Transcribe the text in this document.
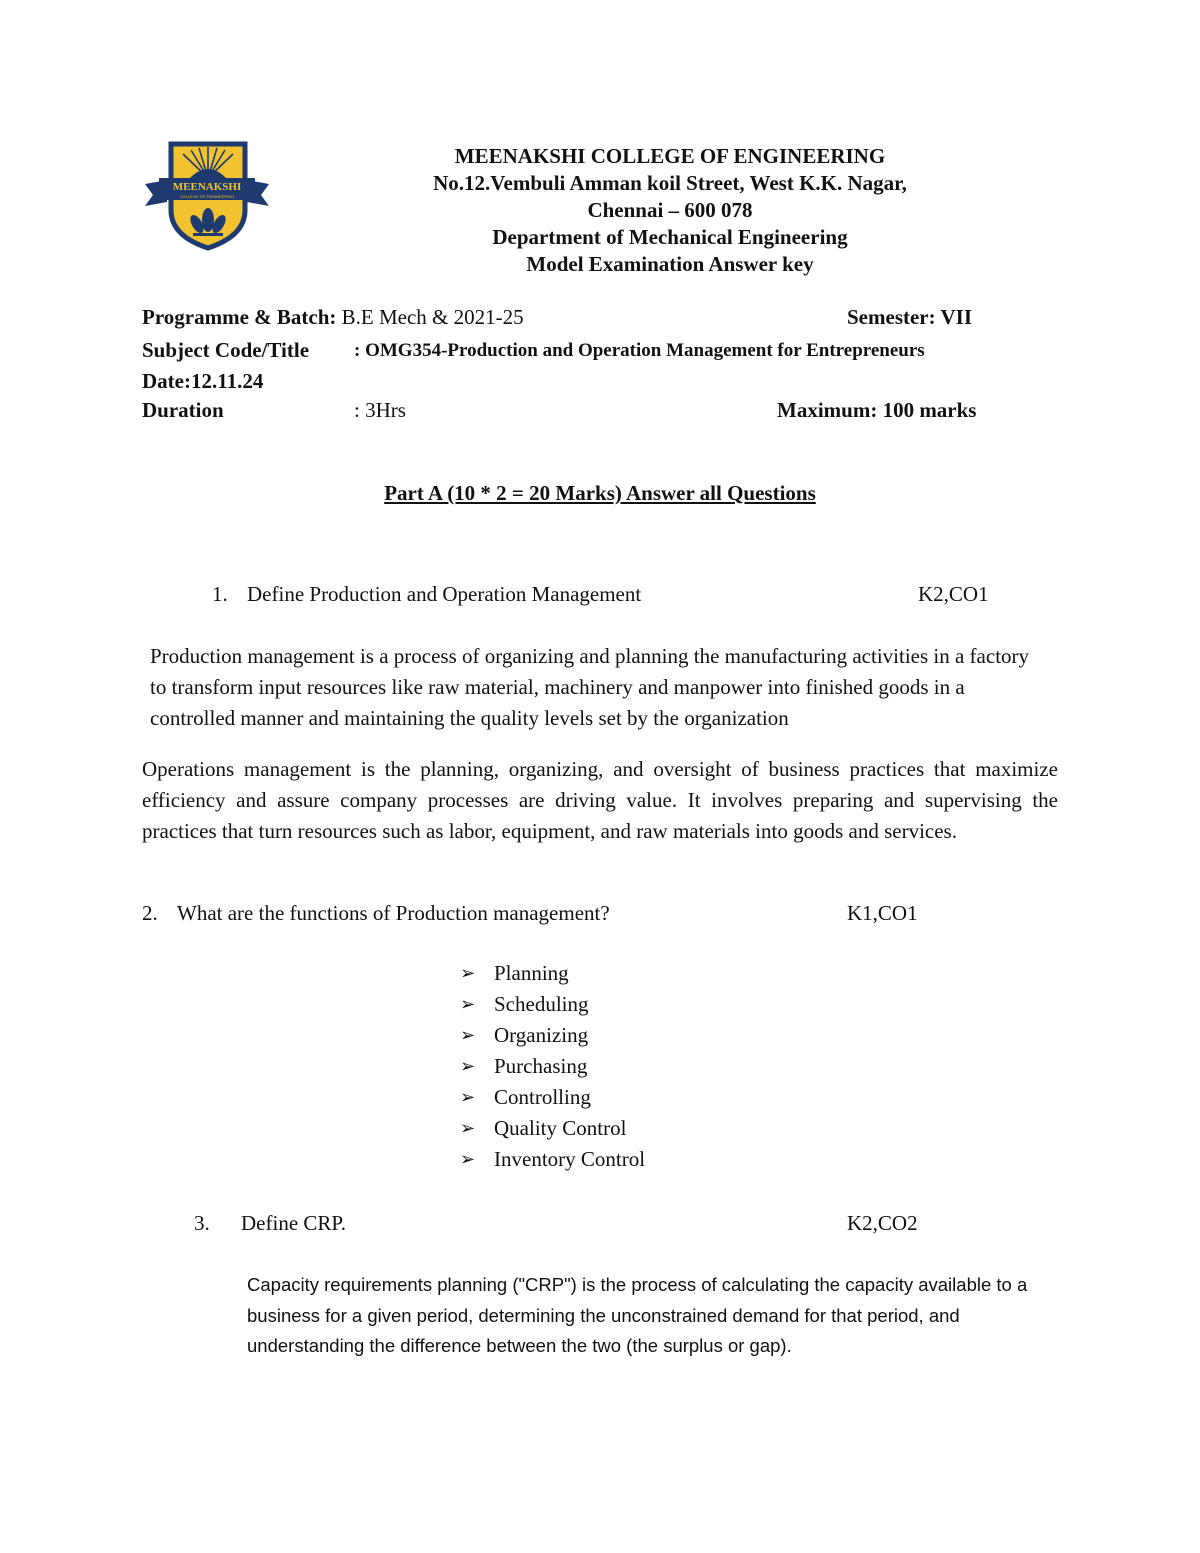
MEENAKSHI
COLLEGE OF ENGINEERING
MEENAKSHI COLLEGE OF ENGINEERING
No.12.Vembuli Amman koil Street, West K.K. Nagar,
Chennai – 600 078
Department of Mechanical Engineering
Model Examination Answer key
Programme & Batch: B.E Mech & 2021-25	Semester: VII
Subject Code/Title : OMG354-Production and Operation Management for Entrepreneurs
Date:12.11.24
Duration	: 3Hrs	Maximum: 100 marks
Part A (10 * 2 = 20 Marks) Answer all Questions
1. Define Production and Operation Management	K2,CO1
Production management is a process of organizing and planning the manufacturing activities in a factory to transform input resources like raw material, machinery and manpower into finished goods in a controlled manner and maintaining the quality levels set by the organization
Operations management is the planning, organizing, and oversight of business practices that maximize efficiency and assure company processes are driving value. It involves preparing and supervising the practices that turn resources such as labor, equipment, and raw materials into goods and services.
2. What are the functions of Production management?	K1,CO1
➢ Planning
➢ Scheduling
➢ Organizing
➢ Purchasing
➢ Controlling
➢ Quality Control
➢ Inventory Control
3. Define CRP.	K2,CO2
Capacity requirements planning ("CRP") is the process of calculating the capacity available to a business for a given period, determining the unconstrained demand for that period, and understanding the difference between the two (the surplus or gap).
